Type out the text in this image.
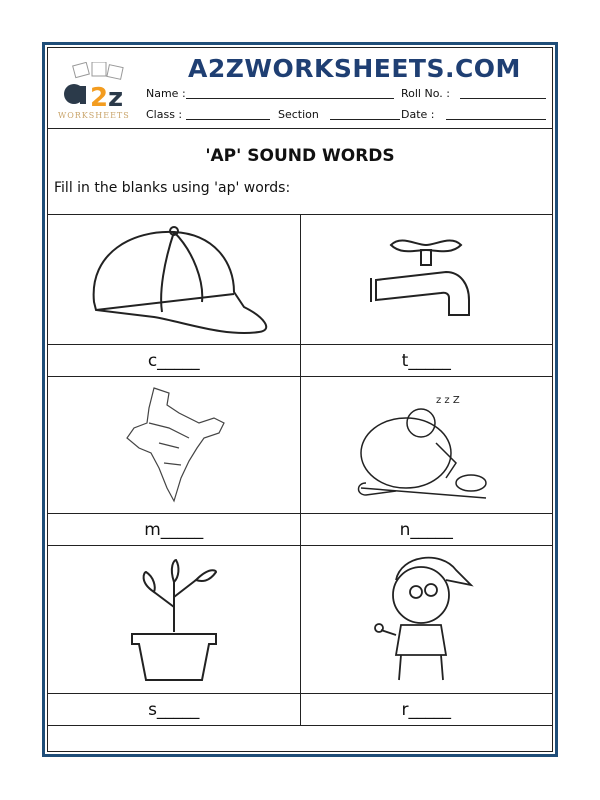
2 z
WORKSHEETS
A2ZWORKSHEETS.COM
Name :	Roll No. :
Class :	Section	Date :
'AP' SOUND WORDS
Fill in the blanks using 'ap' words:

c_____	t_____

z z Z

m_____	n_____

s_____	r_____
